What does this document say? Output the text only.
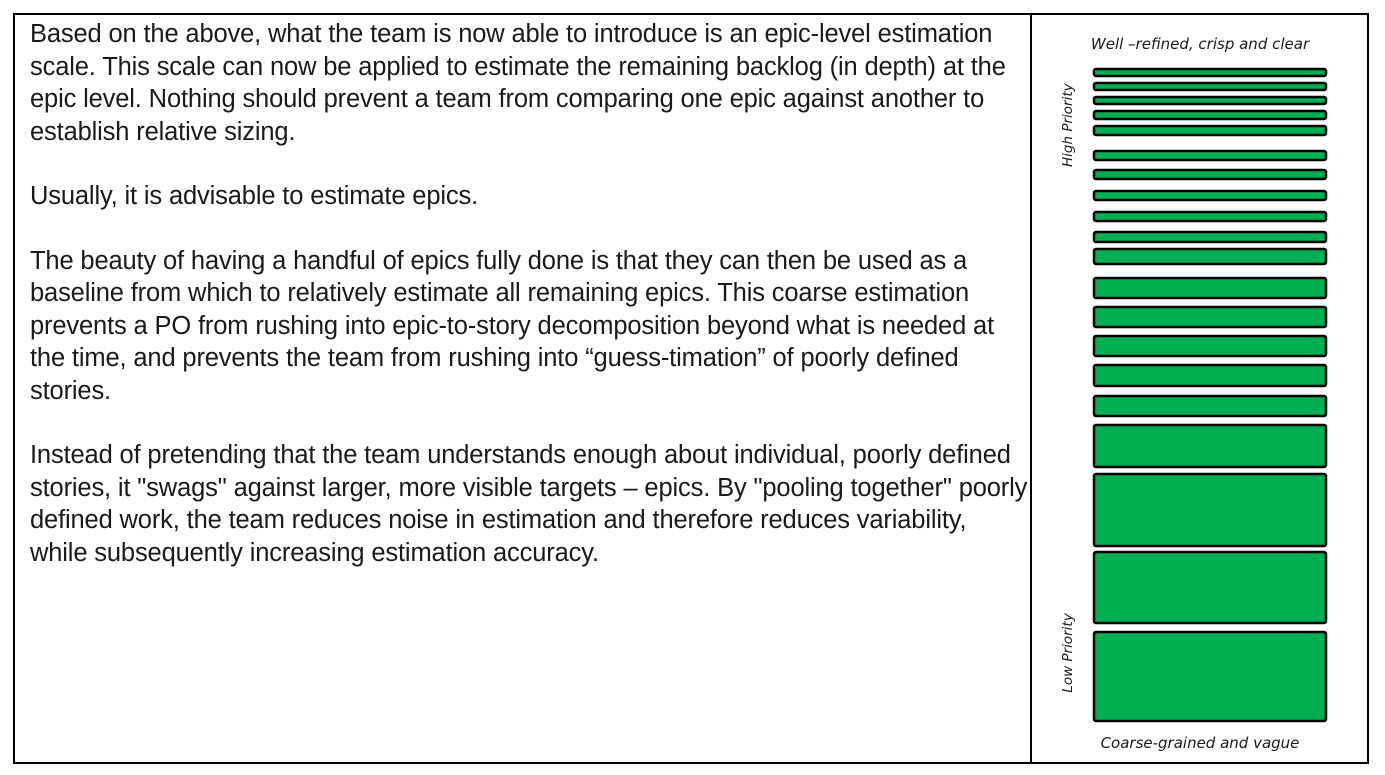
Based on the above, what the team is now able to introduce is an epic-level estimation scale. This scale can now be applied to estimate the remaining backlog (in depth) at the epic level. Nothing should prevent a team from comparing one epic against another to establish relative sizing.

Usually, it is advisable to estimate epics.

The beauty of having a handful of epics fully done is that they can then be used as a baseline from which to relatively estimate all remaining epics. This coarse estimation prevents a PO from rushing into epic-to-story decomposition beyond what is needed at the time, and prevents the team from rushing into “guess-timation” of poorly defined stories.

Instead of pretending that the team understands enough about individual, poorly defined stories, it "swags" against larger, more visible targets – epics. By "pooling together" poorly defined work, the team reduces noise in estimation and therefore reduces variability, while subsequently increasing estimation accuracy.

Well –refined, crisp and clear
High Priority
Low Priority
Coarse-grained and vague
